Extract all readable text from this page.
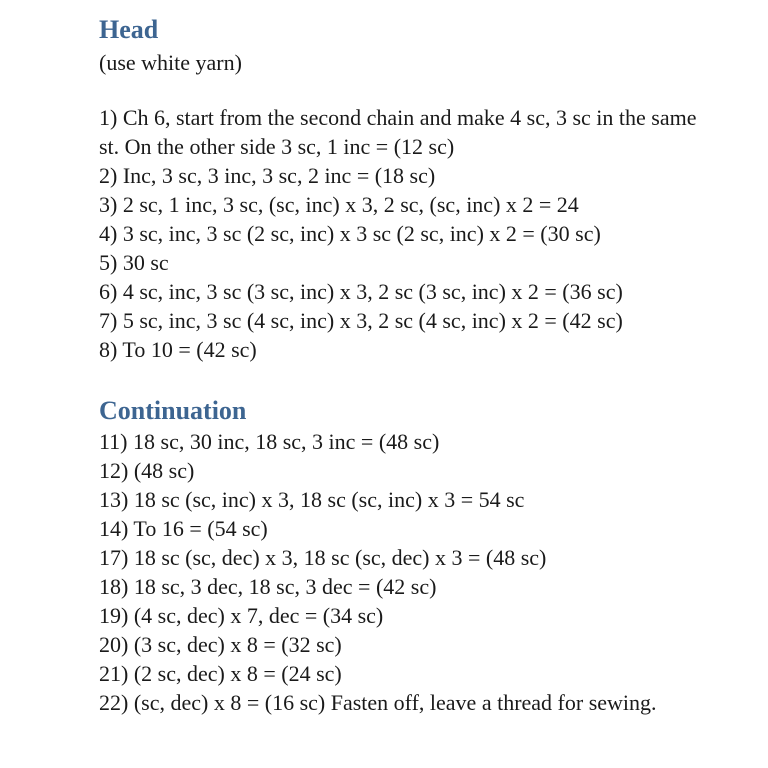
Head

(use white yarn)

1) Ch 6, start from the second chain and make 4 sc, 3 sc in the same st. On the other side 3 sc, 1 inc = (12 sc)

2) Inc, 3 sc, 3 inc, 3 sc, 2 inc = (18 sc)

3) 2 sc, 1 inc, 3 sc, (sc, inc) x 3, 2 sc, (sc, inc) x 2 = 24

4) 3 sc, inc, 3 sc (2 sc, inc) x 3 sc (2 sc, inc) x 2 = (30 sc)

5) 30 sc

6) 4 sc, inc, 3 sc (3 sc, inc) x 3, 2 sc (3 sc, inc) x 2 = (36 sc)

7) 5 sc, inc, 3 sc (4 sc, inc) x 3, 2 sc (4 sc, inc) x 2 = (42 sc)

8) To 10 = (42 sc)

Continuation

11) 18 sc, 30 inc, 18 sc, 3 inc = (48 sc)

12) (48 sc)

13) 18 sc (sc, inc) x 3, 18 sc (sc, inc) x 3 = 54 sc

14) To 16 = (54 sc)

17) 18 sc (sc, dec) x 3, 18 sc (sc, dec) x 3 = (48 sc)

18) 18 sc, 3 dec, 18 sc, 3 dec = (42 sc)

19) (4 sc, dec) x 7, dec = (34 sc)

20) (3 sc, dec) x 8 = (32 sc)

21) (2 sc, dec) x 8 = (24 sc)

22) (sc, dec) x 8 = (16 sc) Fasten off, leave a thread for sewing.
